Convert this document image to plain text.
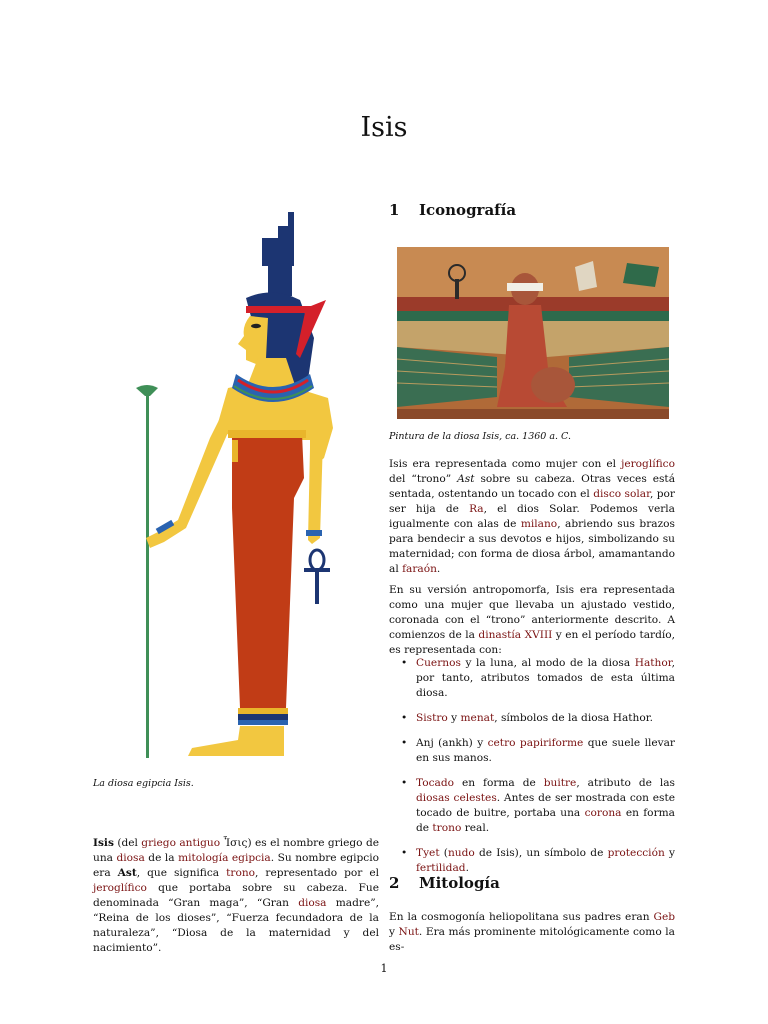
Isis
La diosa egipcia Isis.
Isis (del griego antiguo Ἶσις) es el nombre griego de una diosa de la mitología egipcia. Su nombre egipcio era Ast, que significa trono, representado por el jeroglífico que portaba sobre su cabeza. Fue denominada “Gran maga”, “Gran diosa madre”, “Reina de los dioses”, “Fuerza fecundadora de la naturaleza”, “Diosa de la maternidad y del nacimiento”.
1 Iconografía
Pintura de la diosa Isis, ca. 1360 a. C.

Isis era representada como mujer con el jeroglífico del “trono” Ast sobre su cabeza. Otras veces está sentada, ostentando un tocado con el disco solar, por ser hija de Ra, el dios Solar. Podemos verla igualmente con alas de milano, abriendo sus brazos para bendecir a sus devotos e hijos, simbolizando su maternidad; con forma de diosa árbol, amamantando al faraón.

En su versión antropomorfa, Isis era representada como una mujer que llevaba un ajustado vestido, coronada con el “trono” anteriormente descrito. A comienzos de la dinastía XVIII y en el período tardío, es representada con:

• Cuernos y la luna, al modo de la diosa Hathor, por tanto, atributos tomados de esta última diosa.
• Sistro y menat, símbolos de la diosa Hathor.
• Anj (ankh) y cetro papiriforme que suele llevar en sus manos.
• Tocado en forma de buitre, atributo de las diosas celestes. Antes de ser mostrada con este tocado de buitre, portaba una corona en forma de trono real.
• Tyet (nudo de Isis), un símbolo de protección y fertilidad.
2 Mitología

En la cosmogonía heliopolitana sus padres eran Geb y Nut. Era más prominente mitológicamente como la es-

1
